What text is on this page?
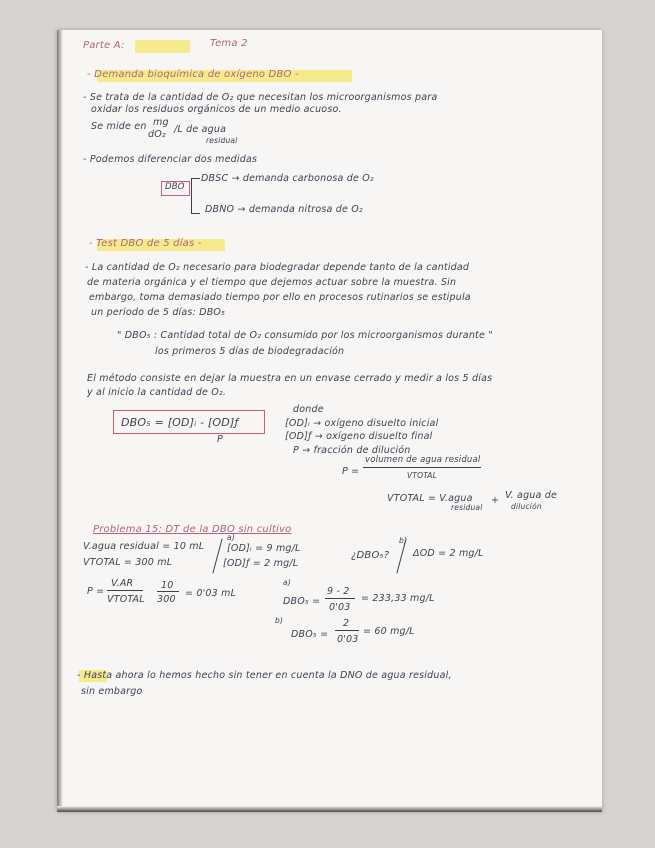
Parte A:	Tema 2
- Demanda bioquímica de oxígeno DBO -
- Se trata de la cantidad de O₂ que necesitan los microorganismos para
oxidar los residuos orgánicos de un medio acuoso.
Se mide en mg
dO₂ /L de agua
residual
- Podemos diferenciar dos medidas
DBO
DBSC → demanda carbonosa de O₂
DBNO → demanda nitrosa de O₂
- Test DBO de 5 días -
- La cantidad de O₂ necesario para biodegradar depende tanto de la cantidad
de materia orgánica y el tiempo que dejemos actuar sobre la muestra. Sin
embargo, toma demasiado tiempo por ello en procesos rutinarios se estipula
un periodo de 5 días: DBO₅
" DBO₅ : Cantidad total de O₂ consumido por los microorganismos durante "
los primeros 5 días de biodegradación
El método consiste en dejar la muestra en un envase cerrado y medir a los 5 días
y al inicio la cantidad de O₂.
DBO₅ = [OD]ᵢ - [OD]ƒ
P
donde
[OD]ᵢ → oxígeno disuelto inicial
[OD]ƒ → oxígeno disuelto final
P → fracción de dilución
P =
volumen de agua residual
VTOTAL
VTOTAL = V.agua
residual
+ V. agua de
dilución
Problema 15: DT de la DBO sin cultivo
V.agua residual = 10 mL
VTOTAL = 300 mL
a)
[OD]ᵢ = 9 mg/L
[OD]ƒ = 2 mg/L
¿DBO₅?
b)
ΔOD = 2 mg/L
P =
V.AR
VTOTAL
10
300
= 0'03 mL
a)
DBO₅ =
9 - 2
0'03
= 233,33 mg/L
b)
DBO₅ =
2
0'03
= 60 mg/L
- Hasta ahora lo hemos hecho sin tener en cuenta la DNO de agua residual,
sin embargo
